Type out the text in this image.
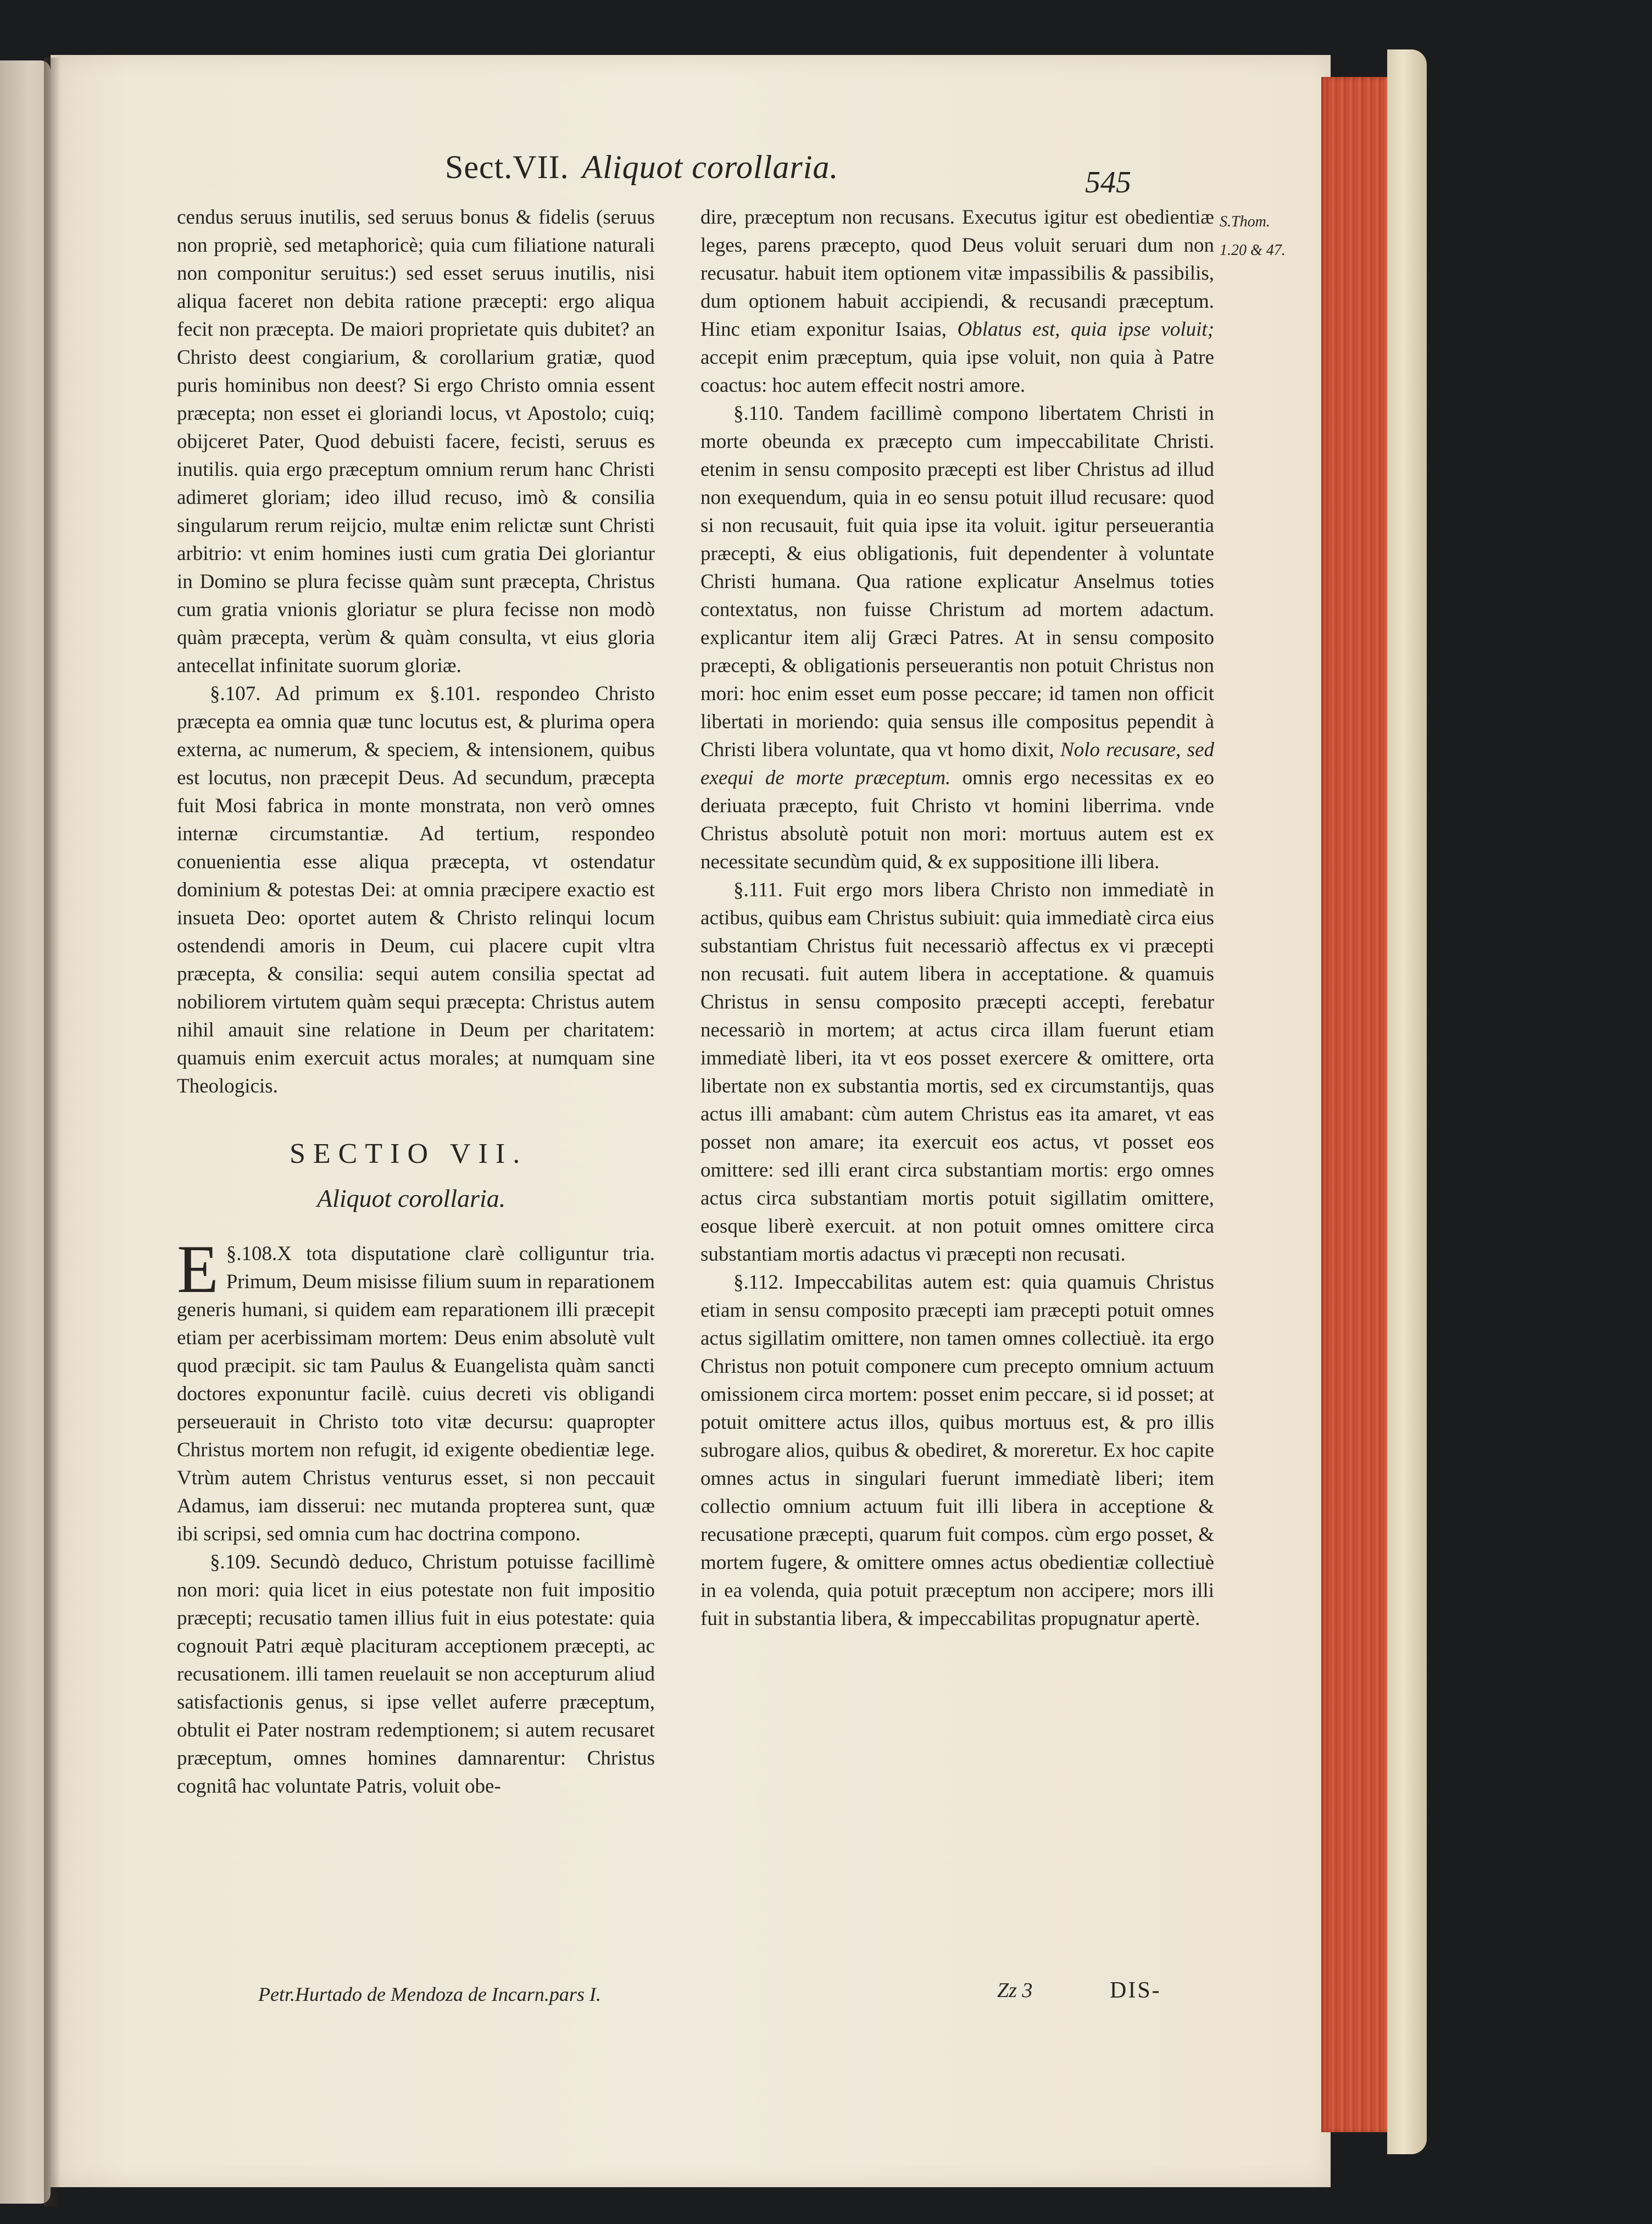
Sect.VII. Aliquot corollaria.	545

cendus seruus inutilis, sed seruus bonus & fidelis (seruus non propriè, sed metaphoricè; quia cum filiatione naturali non componitur seruitus:) sed esset seruus inutilis, nisi aliqua faceret non debita ratione præcepti: ergo aliqua fecit non præcepta. De maiori proprietate quis dubitet? an Christo deest congiarium, & corollarium gratiæ, quod puris hominibus non deest? Si ergo Christo omnia essent præcepta; non esset ei gloriandi locus, vt Apostolo; cuiq; obijceret Pater, Quod debuisti facere, fecisti, seruus es inutilis. quia ergo præceptum omnium rerum hanc Christi adimeret gloriam; ideo illud recuso, imò & consilia singularum rerum reijcio, multæ enim relictæ sunt Christi arbitrio: vt enim homines iusti cum gratia Dei gloriantur in Domino se plura fecisse quàm sunt præcepta, Christus cum gratia vnionis gloriatur se plura fecisse non modò quàm præcepta, verùm & quàm consulta, vt eius gloria antecellat infinitate suorum gloriæ.

§.107. Ad primum ex §.101. respondeo Christo præcepta ea omnia quæ tunc locutus est, & plurima opera externa, ac numerum, & speciem, & intensionem, quibus est locutus, non præcepit Deus. Ad secundum, præcepta fuit Mosi fabrica in monte monstrata, non verò omnes internæ circumstantiæ. Ad tertium, respondeo conuenientia esse aliqua præcepta, vt ostendatur dominium & potestas Dei: at omnia præcipere exactio est insueta Deo: oportet autem & Christo relinqui locum ostendendi amoris in Deum, cui placere cupit vltra præcepta, & consilia: sequi autem consilia spectat ad nobiliorem virtutem quàm sequi præcepta: Christus autem nihil amauit sine relatione in Deum per charitatem: quamuis enim exercuit actus morales; at numquam sine Theologicis.

SECTIO VII.

Aliquot corollaria.

§.108.
E	X tota disputatione clarè colliguntur tria. Primum, Deum misisse filium suum in reparationem generis humani, si quidem eam reparationem illi præcepit etiam per acerbissimam mortem: Deus enim absolutè vult quod præcipit. sic tam Paulus & Euangelista quàm sancti doctores exponuntur facilè. cuius decreti vis obligandi perseuerauit in Christo toto vitæ decursu: quapropter Christus mortem non refugit, id exigente obedientiæ lege. Vtrùm autem Christus venturus esset, si non peccauit Adamus, iam disserui: nec mutanda propterea sunt, quæ ibi scripsi, sed omnia cum hac doctrina compono.

§.109. Secundò deduco, Christum potuisse facillimè non mori: quia licet in eius potestate non fuit impositio præcepti; recusatio tamen illius fuit in eius potestate: quia cognouit Patri æquè placituram acceptionem præcepti, ac recusationem. illi tamen reuelauit se non accepturum aliud satisfactionis genus, si ipse vellet auferre præceptum, obtulit ei Pater nostram redemptionem; si autem recusaret præceptum, omnes homines damnarentur: Christus cognitâ hac voluntate Patris, voluit obe-

dire, præceptum non recusans. Executus igitur est obedientiæ leges, parens præcepto, quod Deus voluit seruari dum non recusatur. habuit item optionem vitæ impassibilis & passibilis, dum optionem habuit accipiendi, & recusandi præceptum. Hinc etiam exponitur Isaias, Oblatus est, quia ipse voluit; accepit enim præceptum, quia ipse voluit, non quia à Patre coactus: hoc autem effecit nostri amore.

§.110. Tandem facillimè compono libertatem Christi in morte obeunda ex præcepto cum impeccabilitate Christi. etenim in sensu composito præcepti est liber Christus ad illud non exequendum, quia in eo sensu potuit illud recusare: quod si non recusauit, fuit quia ipse ita voluit. igitur perseuerantia præcepti, & eius obligationis, fuit dependenter à voluntate Christi humana. Qua ratione explicatur Anselmus toties contextatus, non fuisse Christum ad mortem adactum. explicantur item alij Græci Patres. At in sensu composito præcepti, & obligationis perseuerantis non potuit Christus non mori: hoc enim esset eum posse peccare; id tamen non officit libertati in moriendo: quia sensus ille compositus pependit à Christi libera voluntate, qua vt homo dixit, Nolo recusare, sed exequi de morte præceptum. omnis ergo necessitas ex eo deriuata præcepto, fuit Christo vt homini liberrima. vnde Christus absolutè potuit non mori: mortuus autem est ex necessitate secundùm quid, & ex suppositione illi libera.

§.111. Fuit ergo mors libera Christo non immediatè in actibus, quibus eam Christus subiuit: quia immediatè circa eius substantiam Christus fuit necessariò affectus ex vi præcepti non recusati. fuit autem libera in acceptatione. & quamuis Christus in sensu composito præcepti accepti, ferebatur necessariò in mortem; at actus circa illam fuerunt etiam immediatè liberi, ita vt eos posset exercere & omittere, orta libertate non ex substantia mortis, sed ex circumstantijs, quas actus illi amabant: cùm autem Christus eas ita amaret, vt eas posset non amare; ita exercuit eos actus, vt posset eos omittere: sed illi erant circa substantiam mortis: ergo omnes actus circa substantiam mortis potuit sigillatim omittere, eosque liberè exercuit. at non potuit omnes omittere circa substantiam mortis adactus vi præcepti non recusati.

§.112. Impeccabilitas autem est: quia quamuis Christus etiam in sensu composito præcepti iam præcepti potuit omnes actus sigillatim omittere, non tamen omnes collectiuè. ita ergo Christus non potuit componere cum precepto omnium actuum omissionem circa mortem: posset enim peccare, si id posset; at potuit omittere actus illos, quibus mortuus est, & pro illis subrogare alios, quibus & obediret, & moreretur. Ex hoc capite omnes actus in singulari fuerunt immediatè liberi; item collectio omnium actuum fuit illi libera in acceptione & recusatione præcepti, quarum fuit compos. cùm ergo posset, & mortem fugere, & omittere omnes actus obedientiæ collectiuè in ea volenda, quia potuit præceptum non accipere; mors illi fuit in substantia libera, & impeccabilitas propugnatur apertè.

S.Thom.
1.20 & 47.
Petr.Hurtado de Mendoza de Incarn.pars I.	Zz 3	DIS-
